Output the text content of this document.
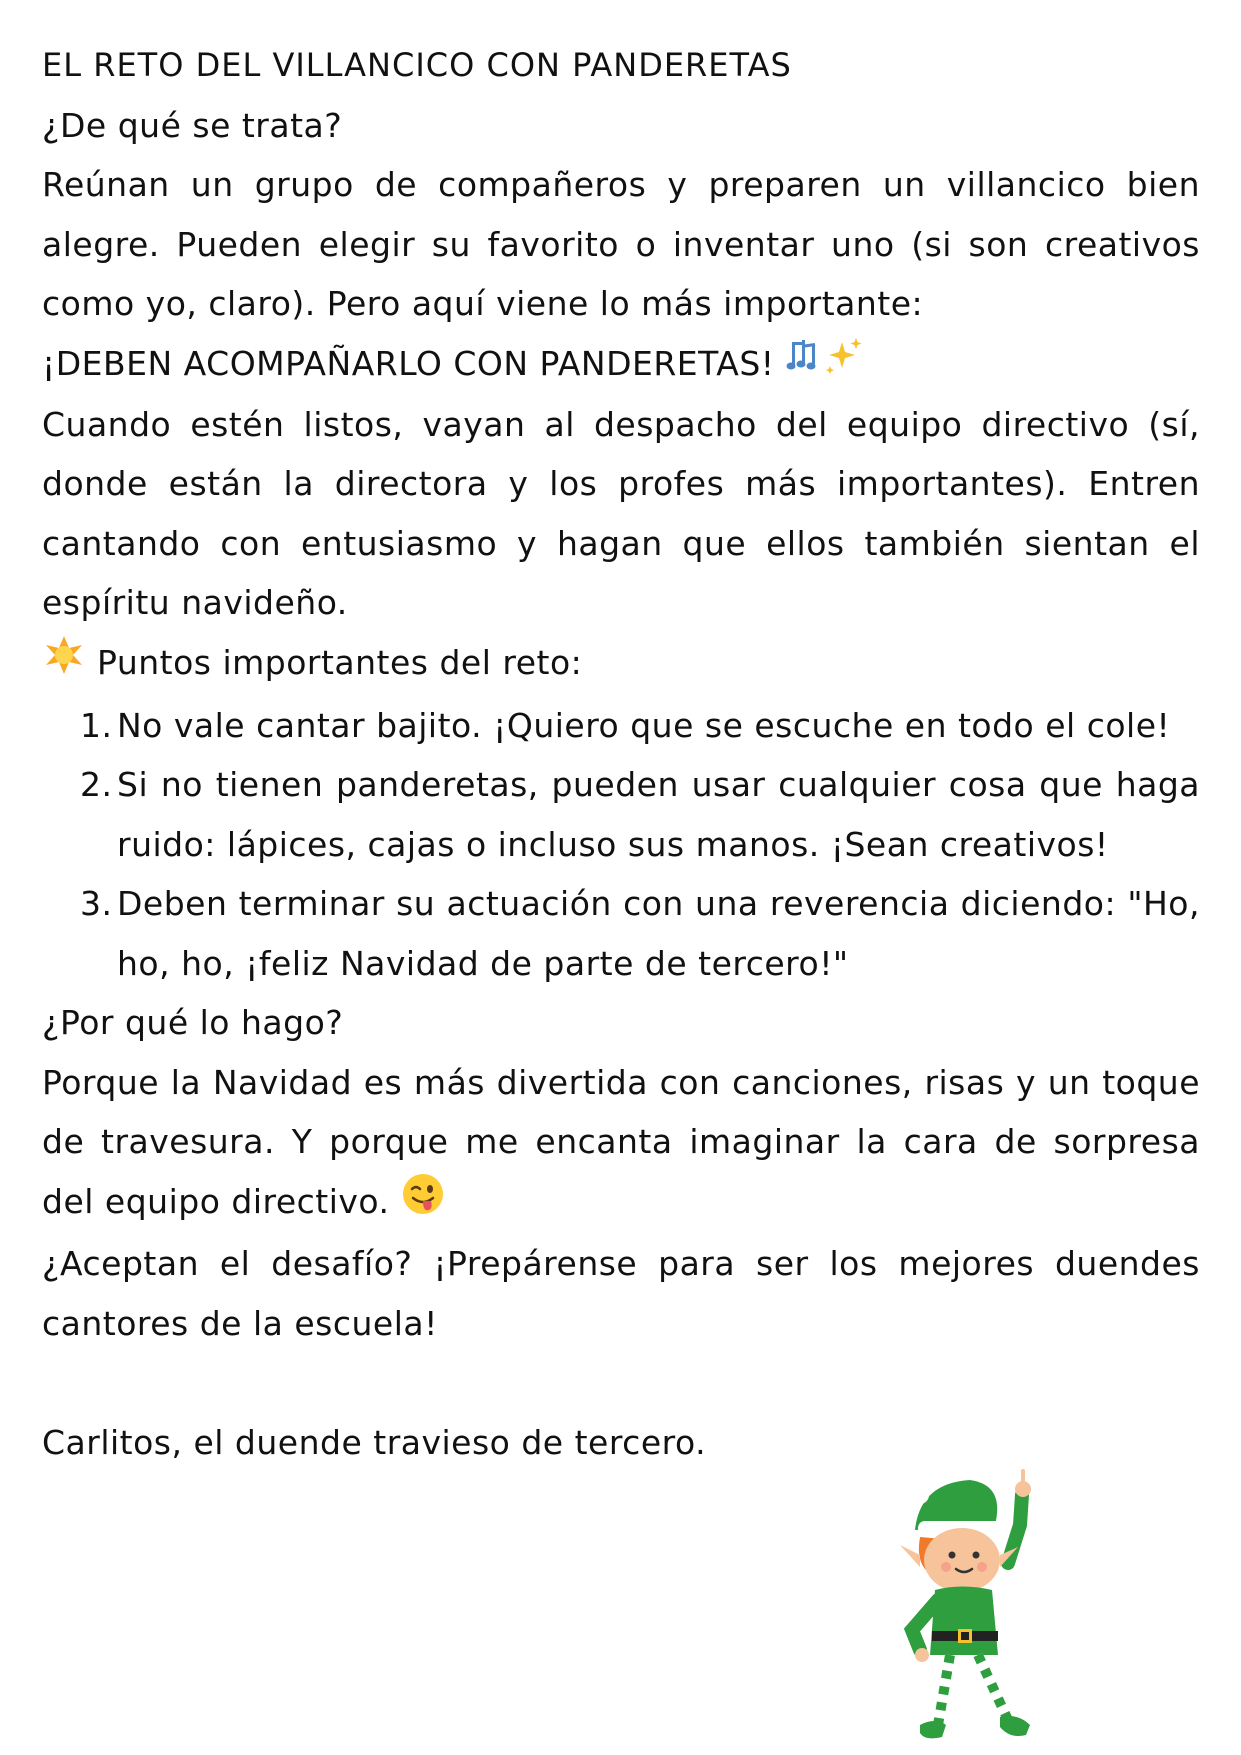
EL RETO DEL VILLANCICO CON PANDERETAS

¿De qué se trata?

Reúnan un grupo de compañeros y preparen un villancico bien alegre. Pueden elegir su favorito o inventar uno (si son creativos como yo, claro). Pero aquí viene lo más importante:

¡DEBEN ACOMPAÑARLO CON PANDERETAS!

Cuando estén listos, vayan al despacho del equipo directivo (sí, donde están la directora y los profes más importantes). Entren cantando con entusiasmo y hagan que ellos también sientan el espíritu navideño.

Puntos importantes del reto:

1. No vale cantar bajito. ¡Quiero que se escuche en todo el cole!
2. Si no tienen panderetas, pueden usar cualquier cosa que haga ruido: lápices, cajas o incluso sus manos. ¡Sean creativos!
3. Deben terminar su actuación con una reverencia diciendo: "Ho, ho, ho, ¡feliz Navidad de parte de tercero!"

¿Por qué lo hago?

Porque la Navidad es más divertida con canciones, risas y un toque de travesura. Y porque me encanta imaginar la cara de sorpresa del equipo directivo.

¿Aceptan el desafío? ¡Prepárense para ser los mejores duendes cantores de la escuela!

Carlitos, el duende travieso de tercero.
